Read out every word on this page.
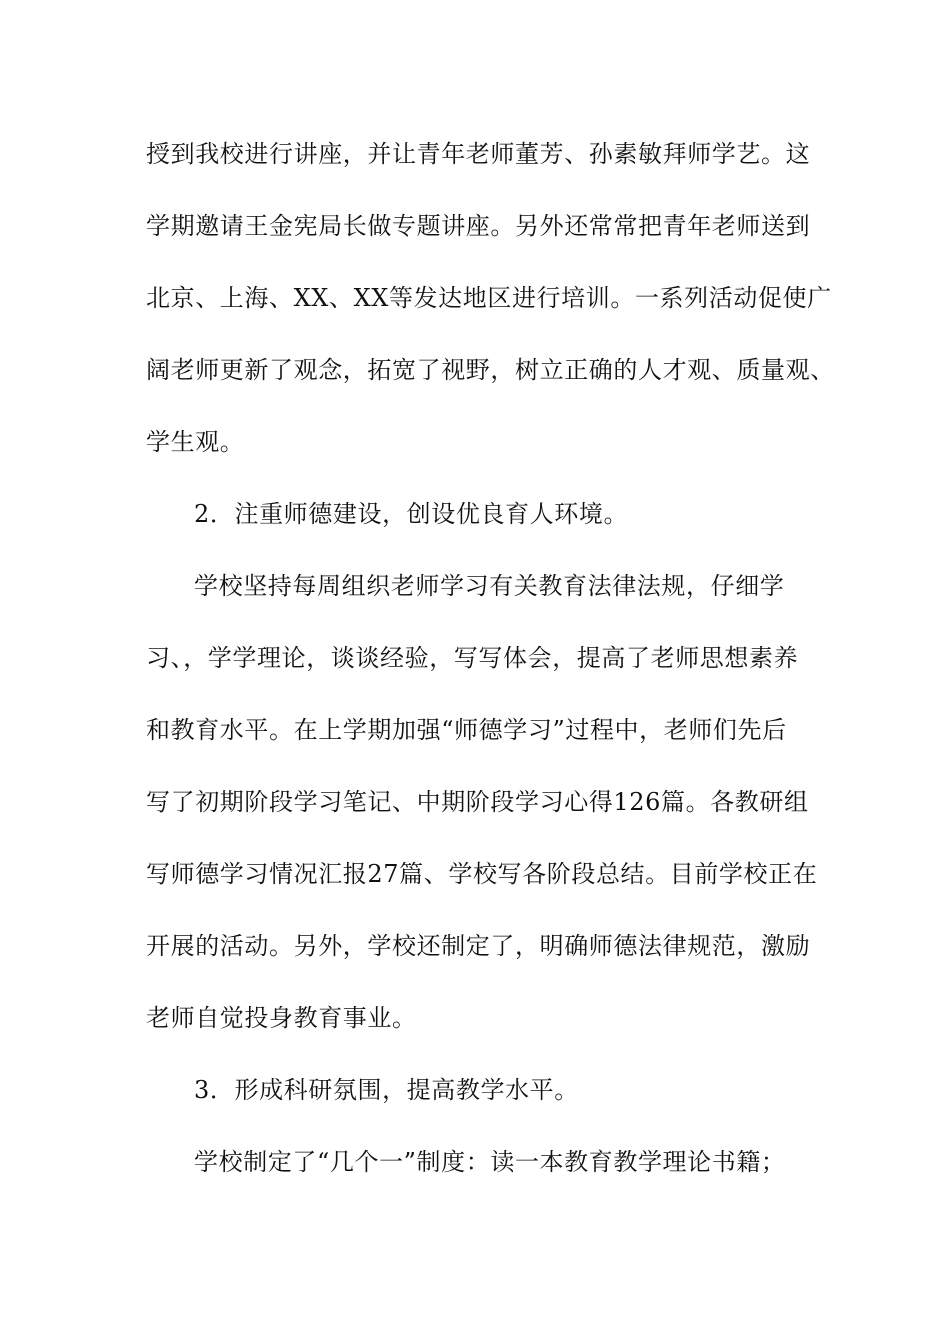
授到我校进行讲座，并让青年老师董芳、孙素敏拜师学艺。这
学期邀请王金宪局长做专题讲座。另外还常常把青年老师送到
北京、上海、XX、XX等发达地区进行培训。一系列活动促使广
阔老师更新了观念，拓宽了视野，树立正确的人才观、质量观、
学生观。
2．注重师德建设，创设优良育人环境。
学校坚持每周组织老师学习有关教育法律法规，仔细学
习、，学学理论，谈谈经验，写写体会，提高了老师思想素养
和教育水平。在上学期加强“师德学习”过程中，老师们先后
写了初期阶段学习笔记、中期阶段学习心得126篇。各教研组
写师德学习情况汇报27篇、学校写各阶段总结。目前学校正在
开展的活动。另外，学校还制定了，明确师德法律规范，激励
老师自觉投身教育事业。
3．形成科研氛围，提高教学水平。
学校制定了“几个一”制度：读一本教育教学理论书籍；
